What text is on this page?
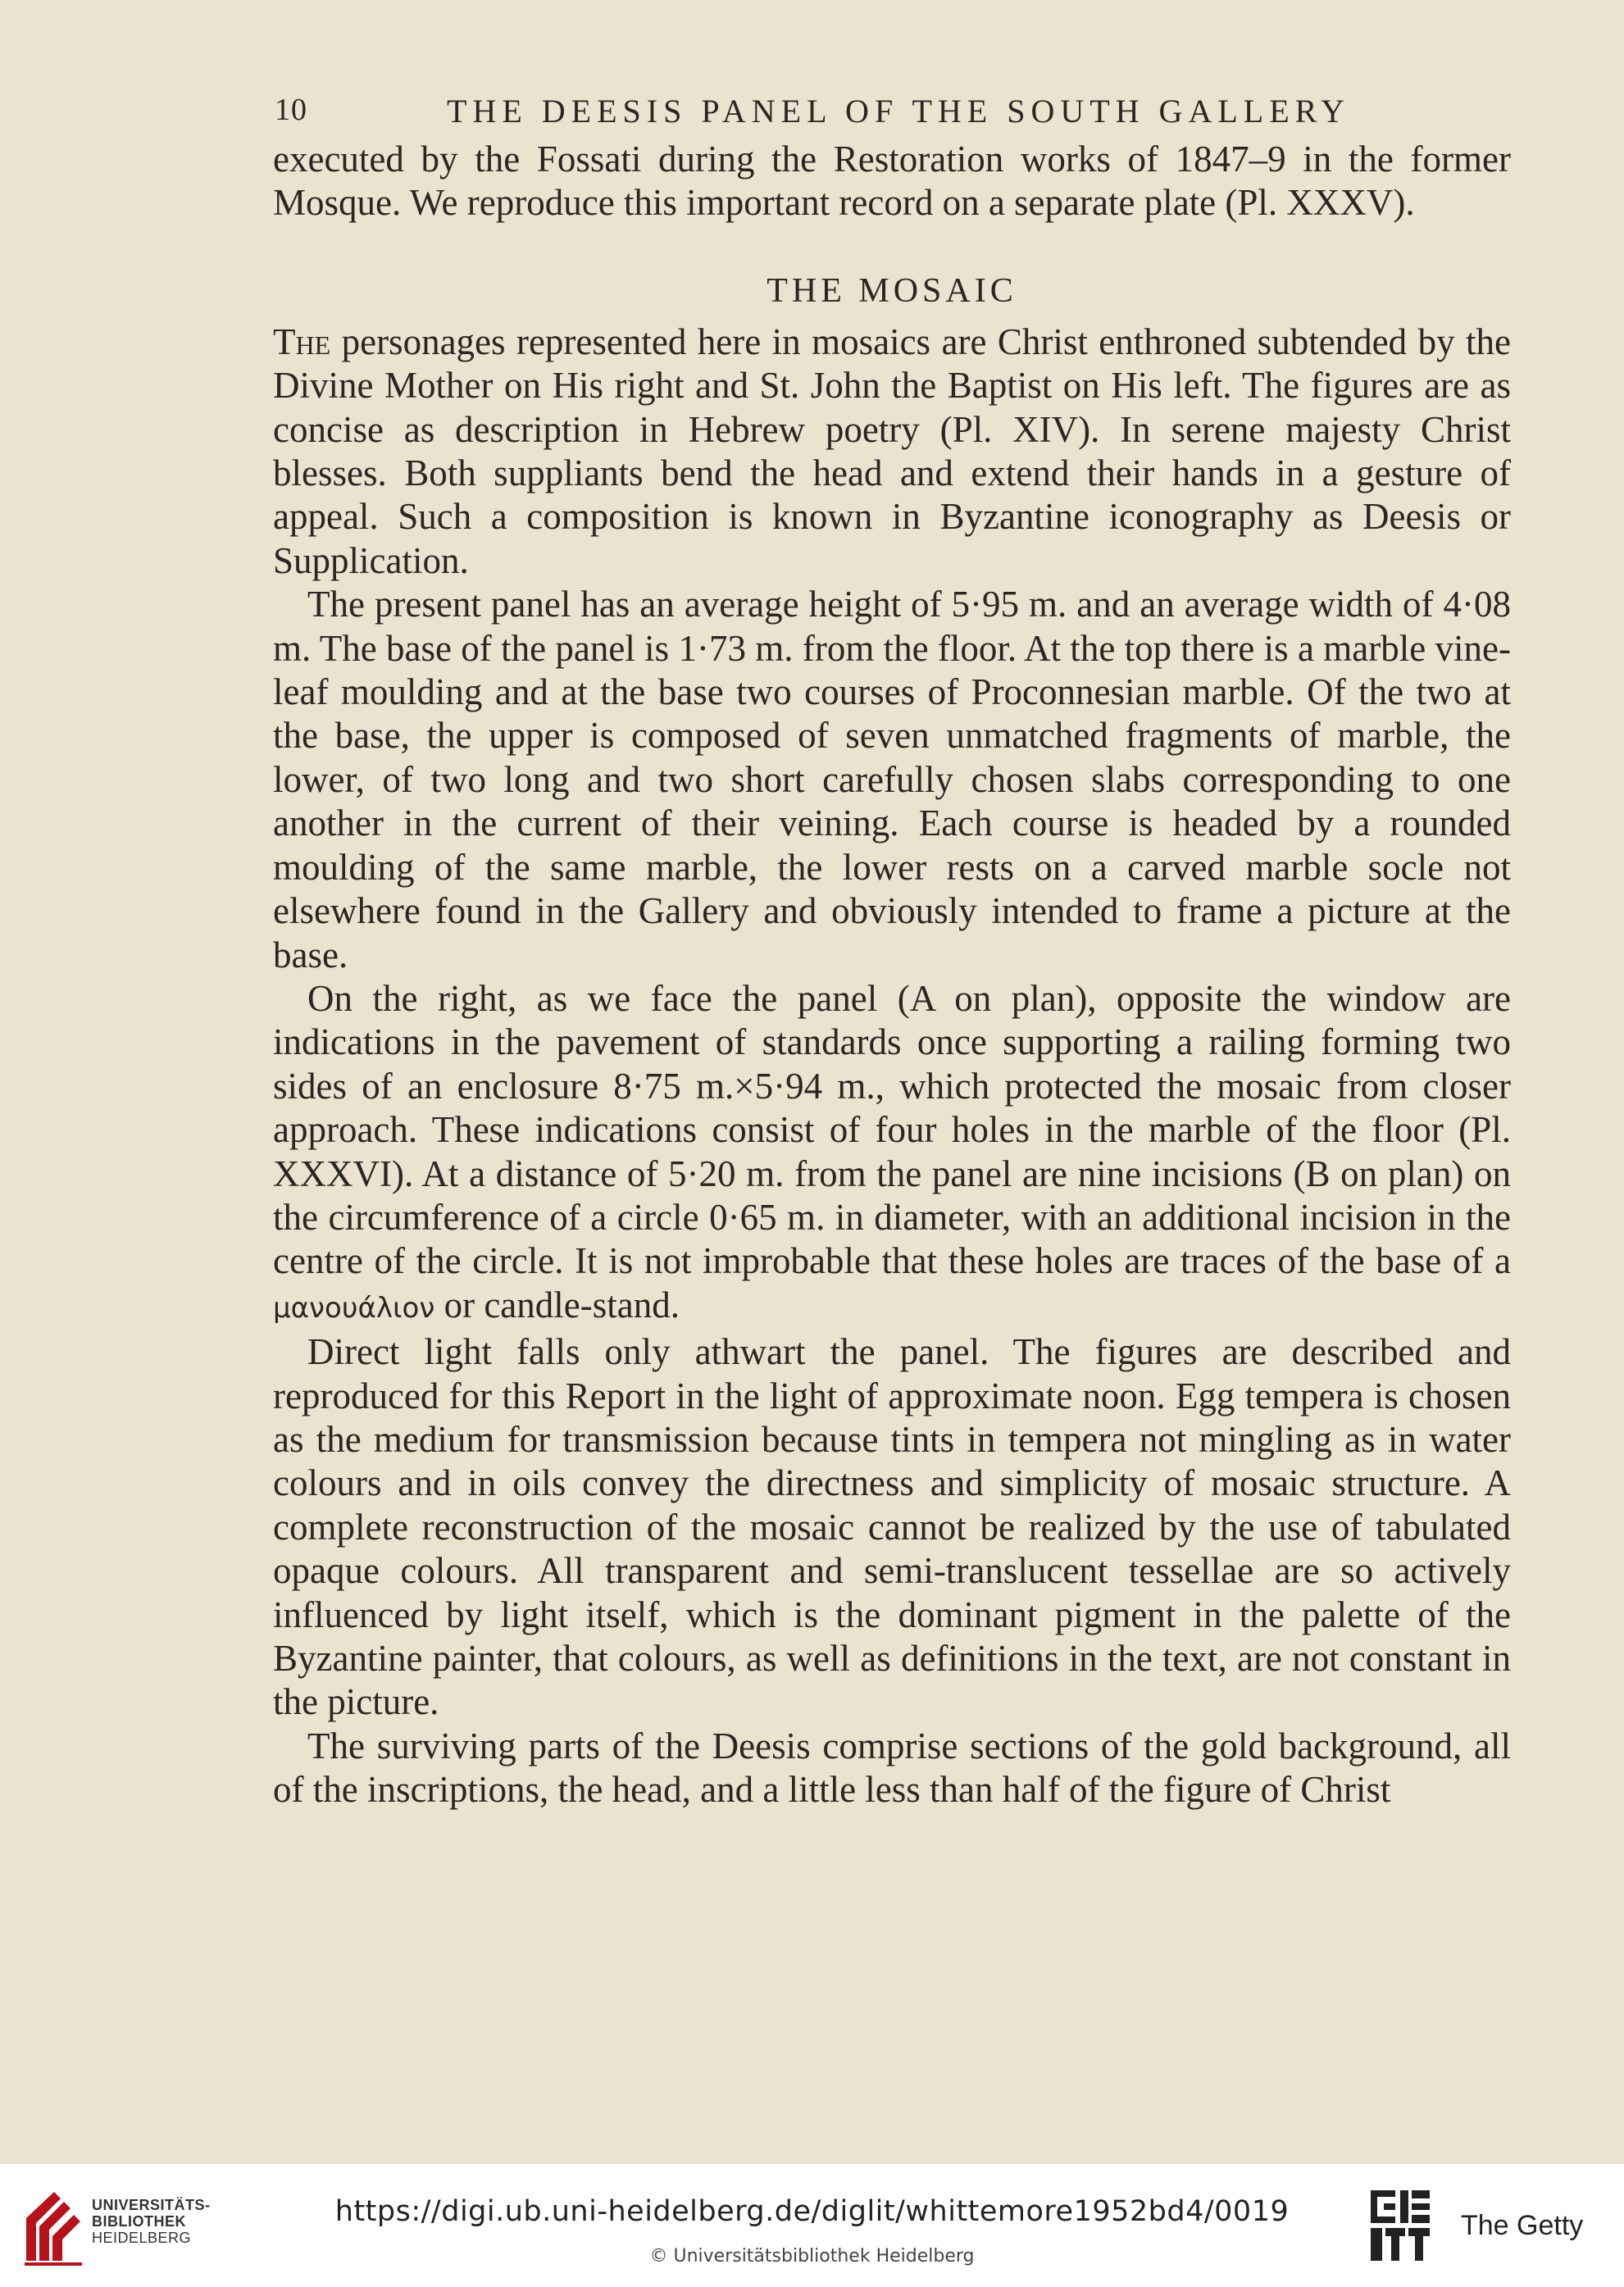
10	THE DEESIS PANEL OF THE SOUTH GALLERY

executed by the Fossati during the Restoration works of 1847–9 in the former Mosque. We reproduce this important record on a separate plate (Pl. XXXV).

THE MOSAIC

The personages represented here in mosaics are Christ enthroned subtended by the Divine Mother on His right and St. John the Baptist on His left. The figures are as concise as description in Hebrew poetry (Pl. XIV). In serene majesty Christ blesses. Both suppliants bend the head and extend their hands in a gesture of appeal. Such a composition is known in Byzantine iconography as Deesis or Supplication.

The present panel has an average height of 5·95 m. and an average width of 4·08 m. The base of the panel is 1·73 m. from the floor. At the top there is a marble vine-leaf moulding and at the base two courses of Proconnesian marble. Of the two at the base, the upper is composed of seven unmatched fragments of marble, the lower, of two long and two short carefully chosen slabs corresponding to one another in the current of their veining. Each course is headed by a rounded moulding of the same marble, the lower rests on a carved marble socle not elsewhere found in the Gallery and obviously intended to frame a picture at the base.

On the right, as we face the panel (A on plan), opposite the window are indications in the pavement of standards once supporting a railing forming two sides of an enclosure 8·75 m.×5·94 m., which protected the mosaic from closer approach. These indications consist of four holes in the marble of the floor (Pl. XXXVI). At a distance of 5·20 m. from the panel are nine incisions (B on plan) on the circumference of a circle 0·65 m. in diameter, with an additional incision in the centre of the circle. It is not improbable that these holes are traces of the base of a μανουάλιον or candle-stand.

Direct light falls only athwart the panel. The figures are described and reproduced for this Report in the light of approximate noon. Egg tempera is chosen as the medium for transmission because tints in tempera not mingling as in water colours and in oils convey the directness and simplicity of mosaic structure. A complete reconstruction of the mosaic cannot be realized by the use of tabulated opaque colours. All transparent and semi-translucent tessellae are so actively influenced by light itself, which is the dominant pigment in the palette of the Byzantine painter, that colours, as well as definitions in the text, are not constant in the picture.

The surviving parts of the Deesis comprise sections of the gold background, all of the inscriptions, the head, and a little less than half of the figure of Christ

UNIVERSITÄTS-
BIBLIOTHEK
HEIDELBERG
https://digi.ub.uni-heidelberg.de/diglit/whittemore1952bd4/0019
© Universitätsbibliothek Heidelberg
The Getty
